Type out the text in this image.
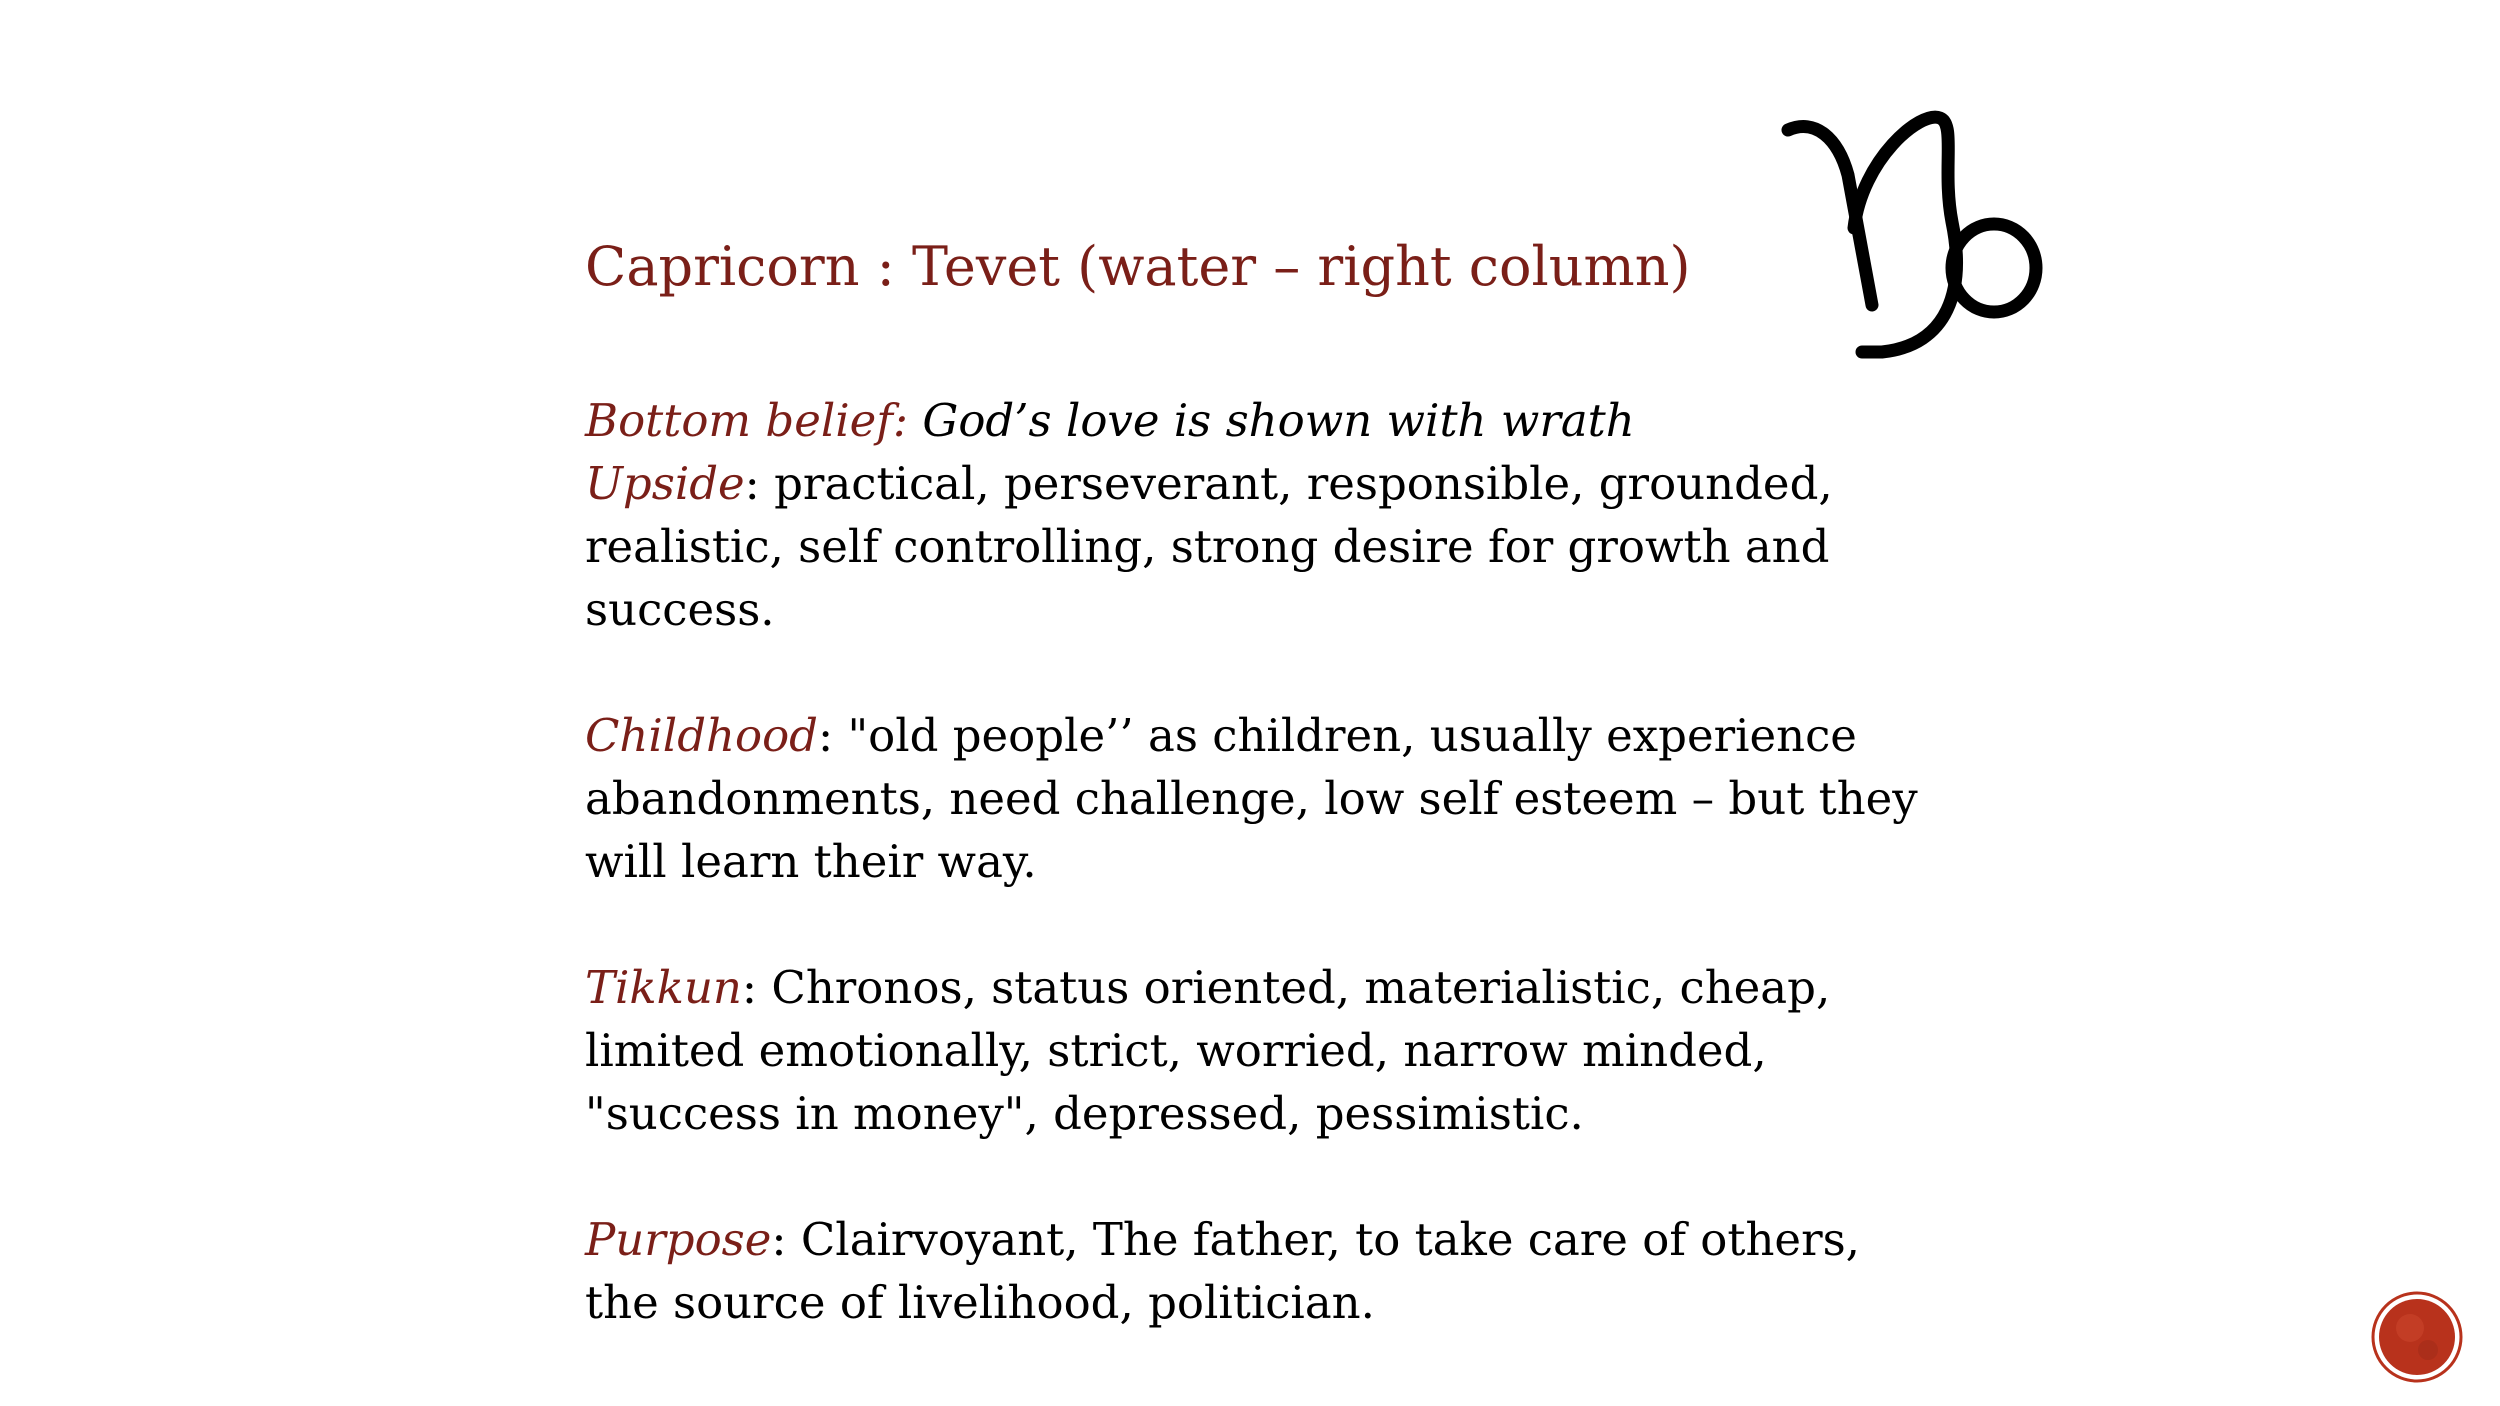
Capricorn : Tevet (water – right column)

Bottom belief: God’s love is shown with wrath
Upside: practical, perseverant, responsible, grounded, realistic, self controlling, strong desire for growth and success.

Childhood: "old people’’ as children, usually experience abandonments, need challenge, low self esteem – but they will learn their way.

Tikkun: Chronos, status oriented, materialistic, cheap, limited emotionally, strict, worried, narrow minded, "success in money", depressed, pessimistic.

Purpose: Clairvoyant, The father, to take care of others, the source of livelihood, politician.
